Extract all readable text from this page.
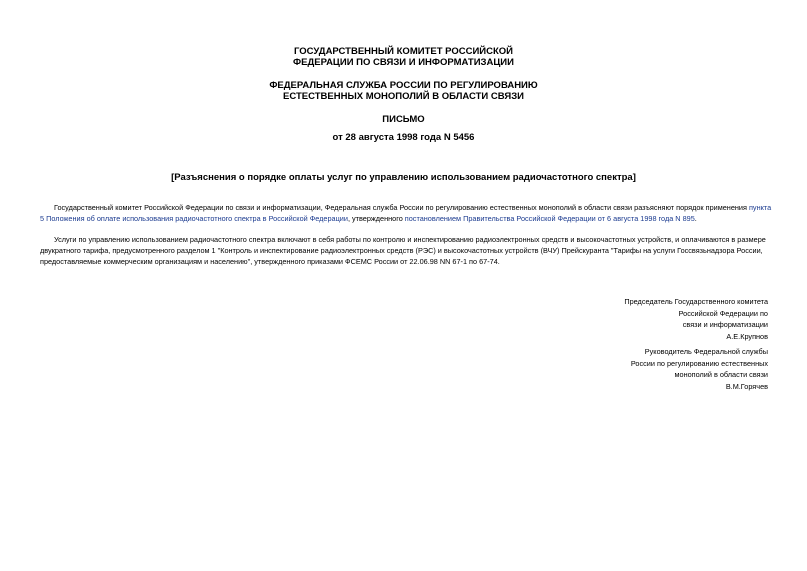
ГОСУДАРСТВЕННЫЙ КОМИТЕТ РОССИЙСКОЙ
ФЕДЕРАЦИИ ПО СВЯЗИ И ИНФОРМАТИЗАЦИИ
ФЕДЕРАЛЬНАЯ СЛУЖБА РОССИИ ПО РЕГУЛИРОВАНИЮ
ЕСТЕСТВЕННЫХ МОНОПОЛИЙ В ОБЛАСТИ СВЯЗИ
ПИСЬМО
от 28 августа 1998 года N 5456
[Разъяснения о порядке оплаты услуг по управлению использованием радиочастотного спектра]
Государственный комитет Российской Федерации по связи и информатизации, Федеральная служба России по регулированию естественных монополий в области связи разъясняют порядок применения пункта 5 Положения об оплате использования радиочастотного спектра в Российской Федерации, утвержденного постановлением Правительства Российской Федерации от 6 августа 1998 года N 895.
Услуги по управлению использованием радиочастотного спектра включают в себя работы по контролю и инспектированию радиоэлектронных средств и высокочастотных устройств, и оплачиваются в размере двукратного тарифа, предусмотренного разделом 1 "Контроль и инспектирование радиоэлектронных средств (РЭС) и высокочастотных устройств (ВЧУ) Прейскуранта "Тарифы на услуги Госсвязьнадзора России, предоставляемые коммерческим организациям и населению", утвержденного приказами ФСЕМС России от 22.06.98 NN 67-1 по 67-74.
Председатель Государственного комитета
Российской Федерации по
связи и информатизации
А.Е.Крупнов
Руководитель Федеральной службы
России по регулированию естественных
монополий в области связи
В.М.Горячев
